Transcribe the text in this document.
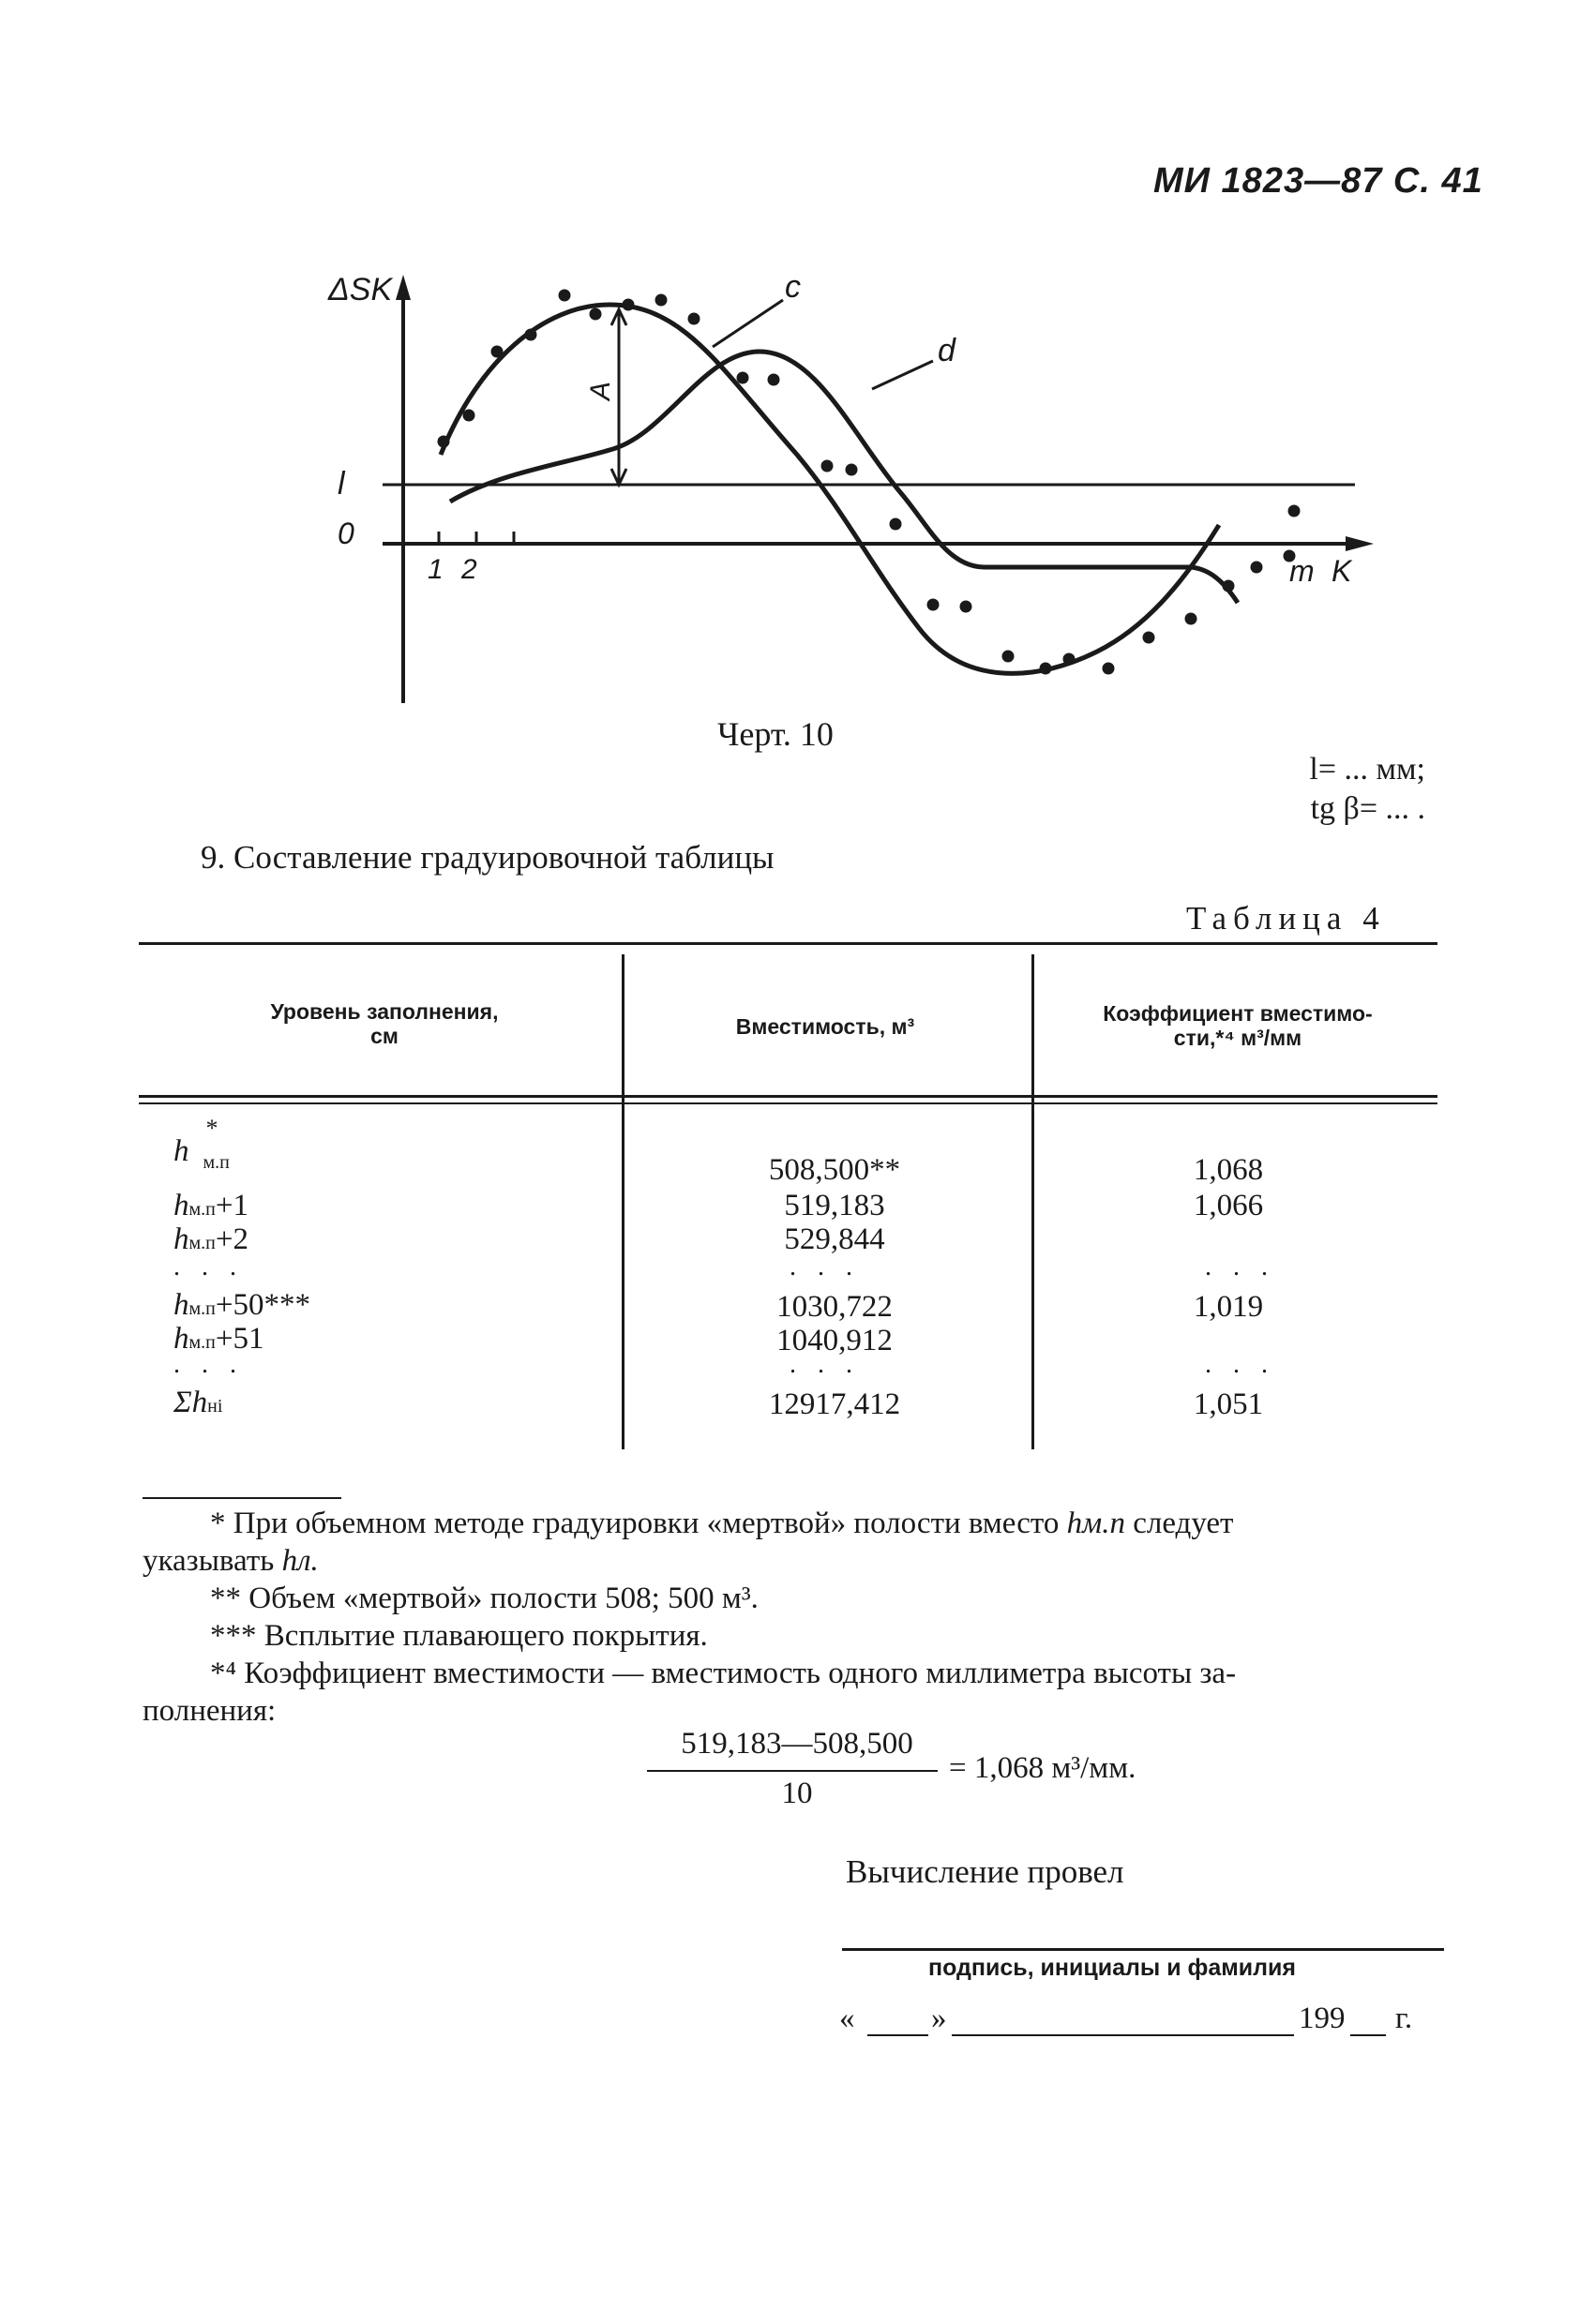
МИ 1823—87 С. 41
ΔSK	c
d
A
l
0
1 2	m K
Черт. 10
l= ... мм;
tg β= ... .
9. Составление градуировочной таблицы
Таблица 4
Уровень заполнения,
см	Вместимость, м³
Коэффициент вместимо-
сти,*⁴ м³/мм
$h^*_{м.п}$	508,500**	1,068
hм.п+1	519,183	1,066
hм.п+2	529,844
. . .	. . .	. . .
hм.п+50***	1030,722	1,019
hм.п+51	1040,912
. . .	. . .	. . .
Σhнi	12917,412	1,051
* При объемном методе градуировки «мертвой» полости вместо hм.п следует
указывать hл.
** Объем «мертвой» полости 508; 500 м³.
*** Всплытие плавающего покрытия.
*⁴ Коэффициент вместимости — вместимость одного миллиметра высоты за-
полнения:
519,183—508,500
10
= 1,068 м³/мм.
Вычисление провел
подпись, инициалы и фамилия
« »	199 г.
